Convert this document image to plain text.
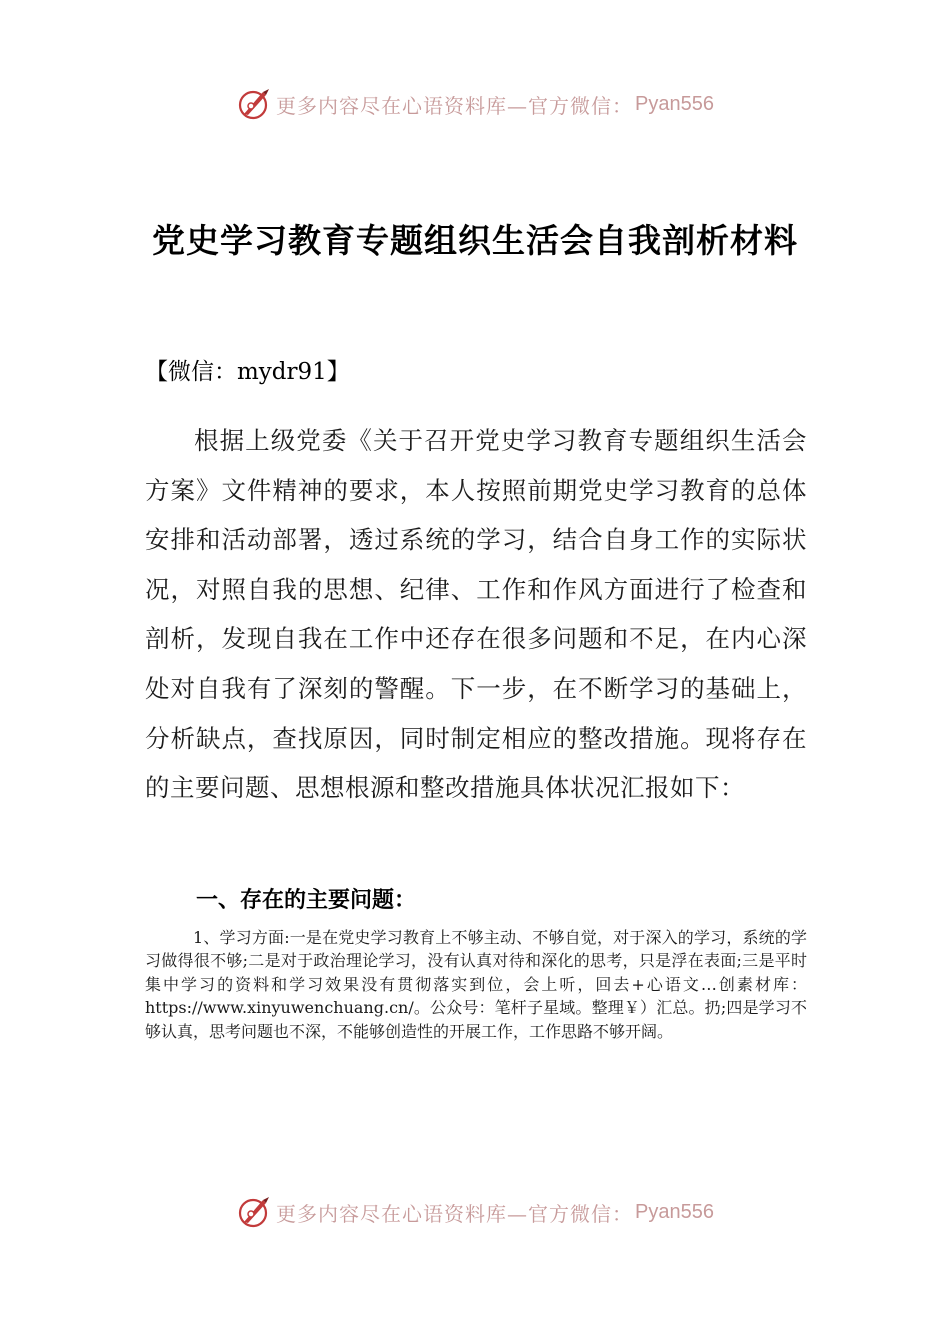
更多内容尽在心语资料库—官方微信： Pyan556
党史学习教育专题组织生活会自我剖析材料
【微信：mydr91】
根据上级党委《关于召开党史学习教育专题组织生活会方案》文件精神的要求，本人按照前期党史学习教育的总体安排和活动部署，透过系统的学习，结合自身工作的实际状况，对照自我的思想、纪律、工作和作风方面进行了检查和剖析，发现自我在工作中还存在很多问题和不足，在内心深处对自我有了深刻的警醒。下一步，在不断学习的基础上，分析缺点，查找原因，同时制定相应的整改措施。现将存在的主要问题、思想根源和整改措施具体状况汇报如下：
一、存在的主要问题：
1、学习方面:一是在党史学习教育上不够主动、不够自觉，对于深入的学习，系统的学习做得很不够;二是对于政治理论学习，没有认真对待和深化的思考，只是浮在表面;三是平时集中学习的资料和学习效果没有贯彻落实到位，会上听，回去+心语文…创素材库：https://www.xinyuwenchuang.cn/。公众号：笔杆子星域。整理￥）汇总。扔;四是学习不够认真，思考问题也不深，不能够创造性的开展工作，工作思路不够开阔。
更多内容尽在心语资料库—官方微信： Pyan556
